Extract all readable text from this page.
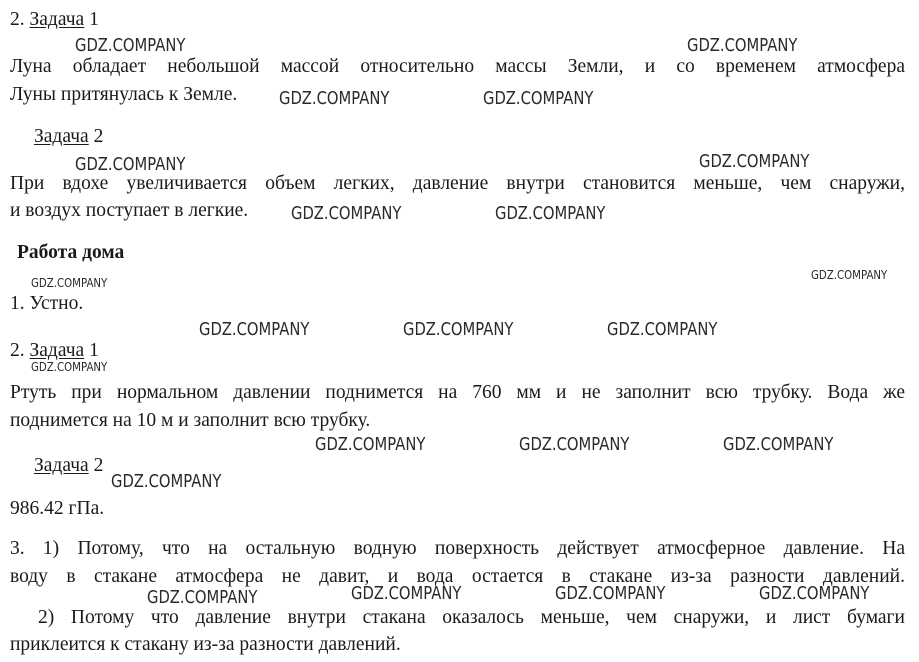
2. Задача 1
Луна обладает небольшой массой относительно массы Земли, и со временем атмосфера
Луны притянулась к Земле.
Задача 2
При вдохе увеличивается объем легких, давление внутри становится меньше, чем снаружи,
и воздух поступает в легкие.
Работа дома
1. Устно.
2. Задача 1
Ртуть при нормальном давлении поднимется на 760 мм и не заполнит всю трубку. Вода же
поднимется на 10 м и заполнит всю трубку.
Задача 2
986.42 гПа.
3. 1) Потому, что на остальную водную поверхность действует атмосферное давление. На
воду в стакане атмосфера не давит, и вода остается в стакане из-за разности давлений.
2) Потому что давление внутри стакана оказалось меньше, чем снаружи, и лист бумаги
приклеится к стакану из-за разности давлений.
GDZ.COMPANY	GDZ.COMPANY
GDZ.COMPANY	GDZ.COMPANY
GDZ.COMPANY	GDZ.COMPANY
GDZ.COMPANY	GDZ.COMPANY
GDZ.COMPANY
GDZ.COMPANY
GDZ.COMPANY	GDZ.COMPANY	GDZ.COMPANY
GDZ.COMPANY
GDZ.COMPANY	GDZ.COMPANY	GDZ.COMPANY
GDZ.COMPANY
GDZ.COMPANY	GDZ.COMPANY	GDZ.COMPANY	GDZ.COMPANY
